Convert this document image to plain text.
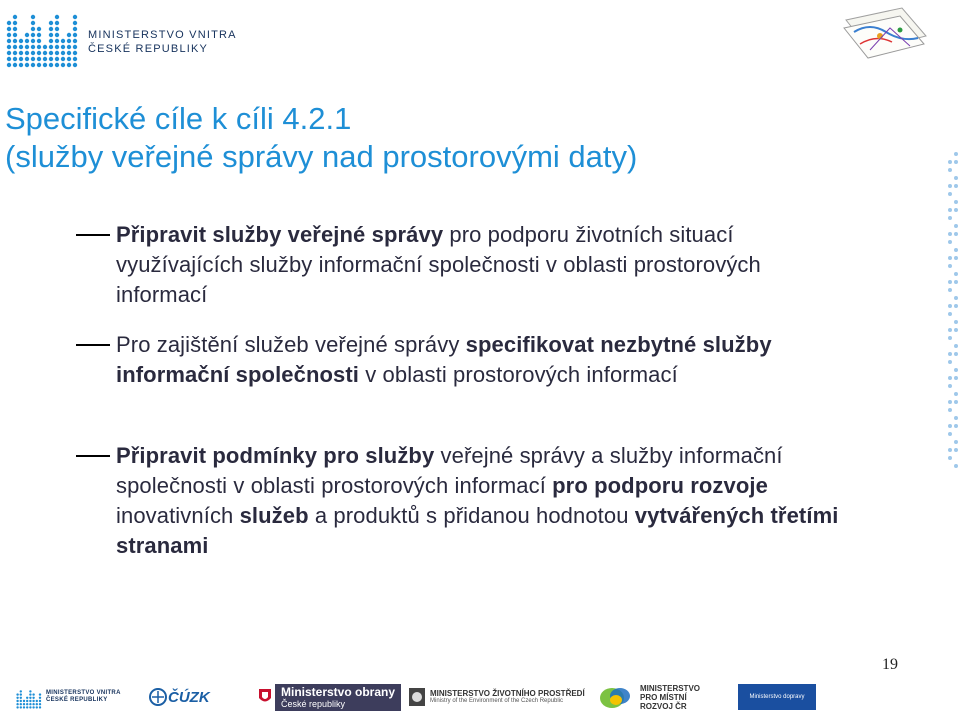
MINISTERSTVO VNITRA
ČESKÉ REPUBLIKY
Specifické cíle k cíli 4.2.1
(služby veřejné správy nad prostorovými daty)
Připravit služby veřejné správy pro podporu životních situací využívajících služby informační společnosti v oblasti prostorových informací
Pro zajištění služeb veřejné správy specifikovat nezbytné služby informační společnosti v oblasti prostorových informací
Připravit podmínky pro služby veřejné správy a služby informační společnosti v oblasti prostorových informací pro podporu rozvoje inovativních služeb a produktů s přidanou hodnotou vytvářených třetími stranami
19
MINISTERSTVO VNITRA
ČESKÉ REPUBLIKY	ČÚZK	Ministerstvo obrany
České republiky
MINISTERSTVO ŽIVOTNÍHO PROSTŘEDÍ
Ministry of the Environment of the Czech Republic
MINISTERSTVO
PRO MÍSTNÍ
ROZVOJ ČR
Ministerstvo dopravy
